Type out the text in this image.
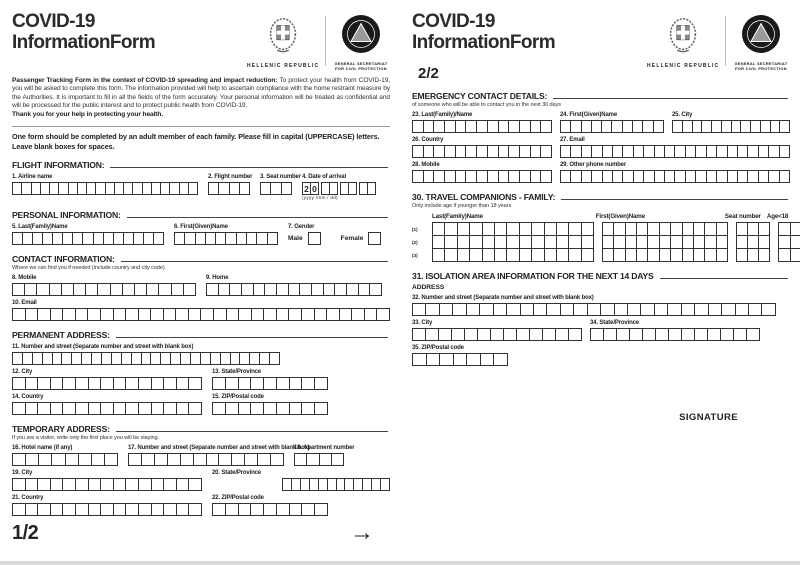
COVID-19
InformationForm
HELLENIC REPUBLIC	GENERAL SECRETARIAT
FOR CIVIL PROTECTION

Passenger Tracking Form in the context of COVID-19 spreading and impact reduction: To protect your health from COVID-19, you will be asked to complete this form. The information provided will help to ascertain compliance with the home restraint measure by the Authorities. It is important to fill in all the fields of the form accurately. Your personal information will be treated as confidential and will be processed for the public interest and to protect public health from COVID-19.
Thank you for your help in protecting your health.

One form should be completed by an adult member of each family. Please fill in capital (UPPERCASE) letters. Leave blank boxes for spaces.

FLIGHT INFORMATION:
1. Airline name	2. Flight number 3. Seat number 4. Date of arrival
2 0
(yyyy /mm / dd)
PERSONAL INFORMATION:
5. Last(Family)Name	6. First(Given)Name	7. Gender
Male	Female
CONTACT INFORMATION:
Where we can find you if needed (include country and city code)
8. Mobile	9. Home
10. Email
PERMANENT ADDRESS:
11. Number and street (Separate number and street with blank box)
12. City	13. State/Province
14. Country	15. ZIP/Postal code
TEMPORARY ADDRESS:
If you are a visitor, write only the first place you will be staying.
16. Hotel name (if any)	17. Number and street (Separate number and street with blank box)
18. Apartment number
19. City	20. State/Province
21. Country	22. ZIP/Postal code
1/2	→
COVID-19
InformationForm
2/2	HELLENIC REPUBLIC	GENERAL SECRETARIAT
FOR CIVIL PROTECTION
EMERGENCY CONTACT DETAILS:
of someone who will be able to contact you in the next 30 days
23. Last(Family)/Name	24. First(Given)Name	25. City
26. Country	27. Email
28. Mobile	29. Other phone number
30. TRAVEL COMPANIONS - FAMILY:
Only include age if younger than 18 years
Last(Family)Name	First(Given)Name	Seat number Age<18
(1)
(2)
(3)
31. ISOLATION AREA INFORMATION FOR THE NEXT 14 DAYS
ADDRESS
32. Number and street (Separate number and street with blank box)
33. City	34. State/Province
35. ZIP/Postal code
SIGNATURE
